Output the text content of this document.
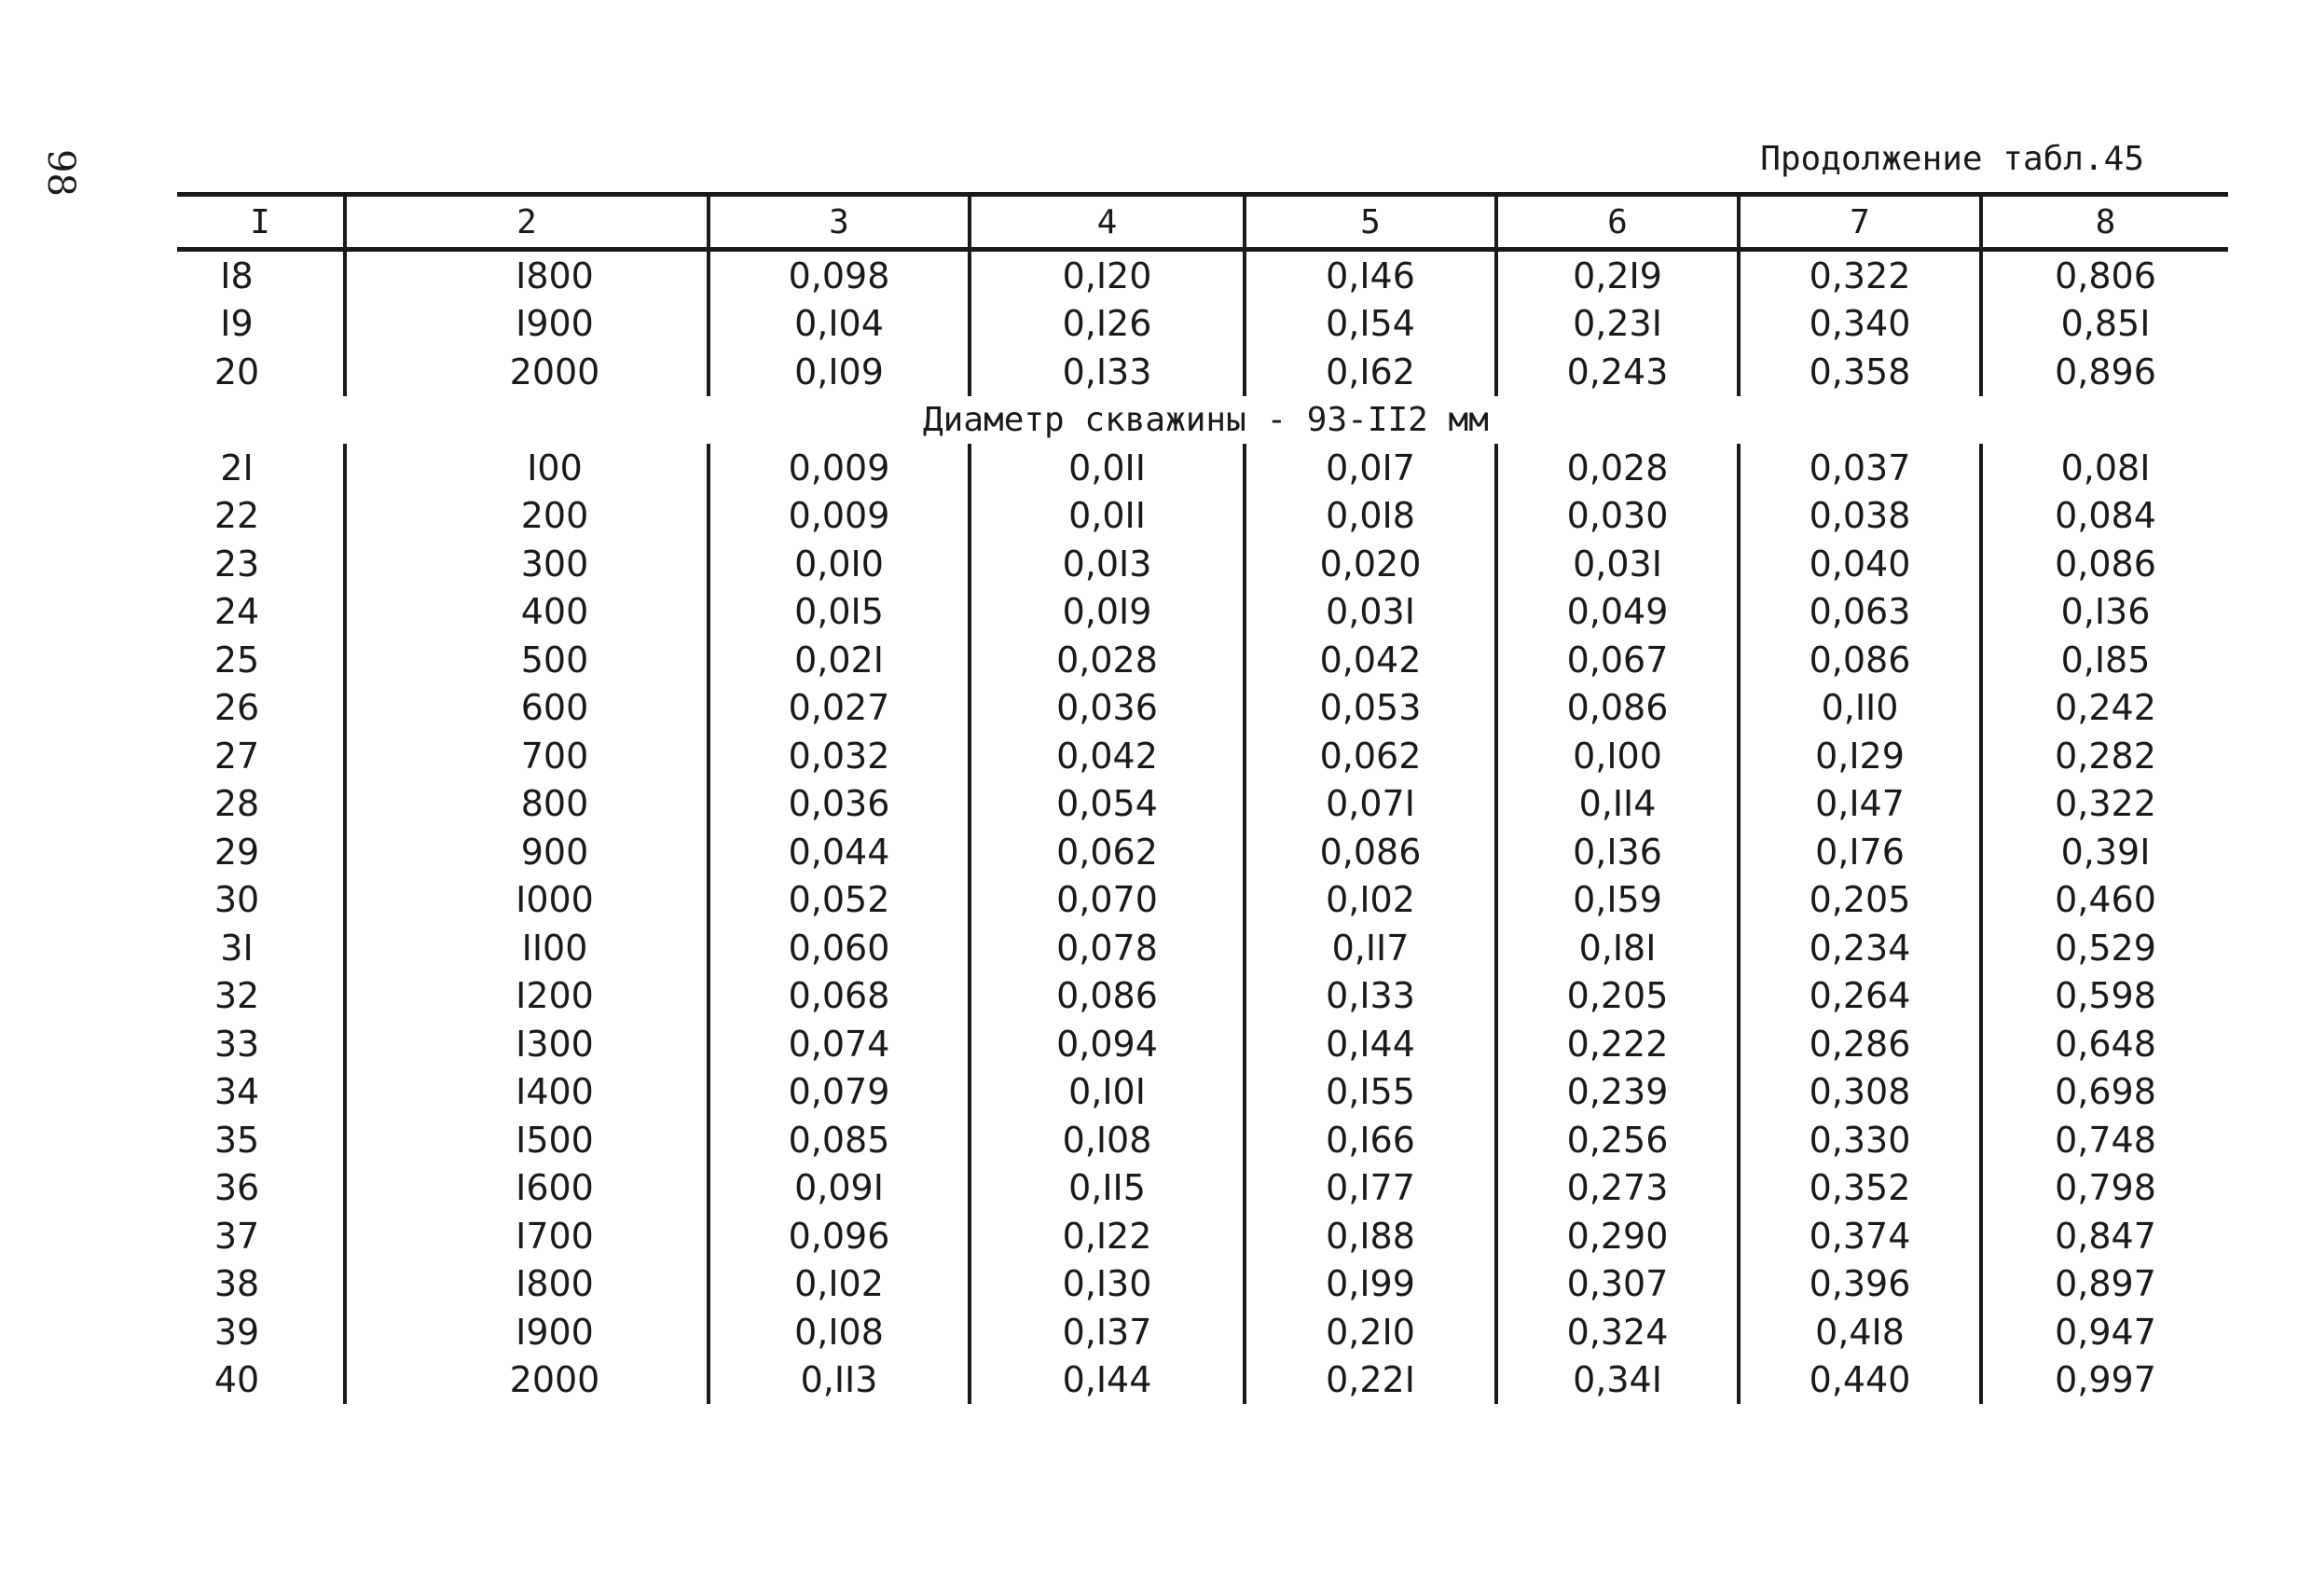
98	Продолжение табл.45
I	2	3	4	5	6	7	8
I8	I800	0,098	0,I20	0,I46	0,2I9	0,322	0,806
I9	I900	0,I04	0,I26	0,I54	0,23I	0,340	0,85I
20	2000	0,I09	0,I33	0,I62	0,243	0,358	0,896
		Диаметр скважины - 93-II2 мм					
2I	I00	0,009	0,0II	0,0I7	0,028	0,037	0,08I
22	200	0,009	0,0II	0,0I8	0,030	0,038	0,084
23	300	0,0I0	0,0I3	0,020	0,03I	0,040	0,086
24	400	0,0I5	0,0I9	0,03I	0,049	0,063	0,I36
25	500	0,02I	0,028	0,042	0,067	0,086	0,I85
26	600	0,027	0,036	0,053	0,086	0,II0	0,242
27	700	0,032	0,042	0,062	0,I00	0,I29	0,282
28	800	0,036	0,054	0,07I	0,II4	0,I47	0,322
29	900	0,044	0,062	0,086	0,I36	0,I76	0,39I
30	I000	0,052	0,070	0,I02	0,I59	0,205	0,460
3I	II00	0,060	0,078	0,II7	0,I8I	0,234	0,529
32	I200	0,068	0,086	0,I33	0,205	0,264	0,598
33	I300	0,074	0,094	0,I44	0,222	0,286	0,648
34	I400	0,079	0,I0I	0,I55	0,239	0,308	0,698
35	I500	0,085	0,I08	0,I66	0,256	0,330	0,748
36	I600	0,09I	0,II5	0,I77	0,273	0,352	0,798
37	I700	0,096	0,I22	0,I88	0,290	0,374	0,847
38	I800	0,I02	0,I30	0,I99	0,307	0,396	0,897
39	I900	0,I08	0,I37	0,2I0	0,324	0,4I8	0,947
40	2000	0,II3	0,I44	0,22I	0,34I	0,440	0,997
